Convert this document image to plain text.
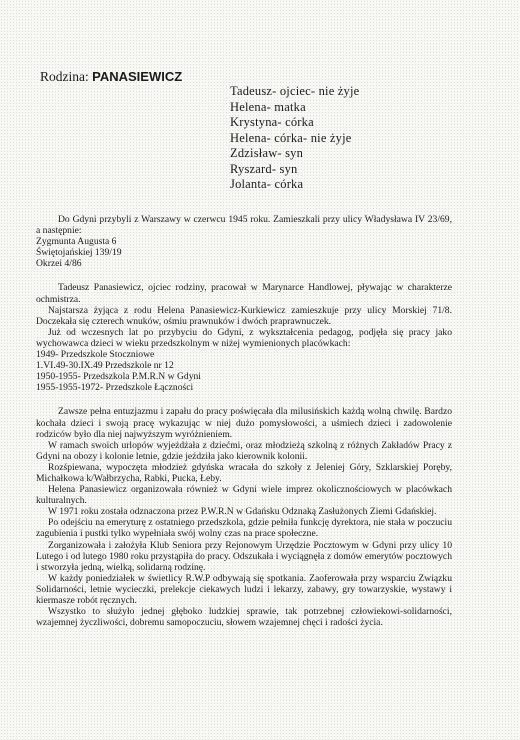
Rodzina: PANASIEWICZ
Tadeusz- ojciec- nie żyje
Helena- matka
Krystyna- córka
Helena- córka- nie żyje
Zdzisław- syn
Ryszard- syn
Jolanta- córka

Do Gdyni przybyli z Warszawy w czerwcu 1945 roku. Zamieszkali przy ulicy Władysława IV 23/69, a następnie:

Zygmunta Augusta 6

Świętojańskiej 139/19

Okrzei 4/86

Tadeusz Panasiewicz, ojciec rodziny, pracował w Marynarce Handlowej, pływając w charakterze ochmistrza.

Najstarsza żyjąca z rodu Helena Panasiewicz-Kurkiewicz zamieszkuje przy ulicy Morskiej 71/8. Doczekała się czterech wnuków, ośmiu prawnuków i dwóch praprawnuczek.

Już od wczesnych lat po przybyciu do Gdyni, z wykształcenia pedagog, podjęła się pracy jako wychowawca dzieci w wieku przedszkolnym w niżej wymienionych placówkach:

1949- Przedszkole Stoczniowe

1.VI.49-30.IX.49 Przedszkole nr 12

1950-1955- Przedszkola P.M.R.N w Gdyni

1955-1955-1972- Przedszkole Łączności

Zawsze pełna entuzjazmu i zapału do pracy poświęcała dla milusińskich każdą wolną chwilę. Bardzo kochała dzieci i swoją pracę wykazując w niej dużo pomysłowości, a uśmiech dzieci i zadowolenie rodziców było dla niej najwyższym wyróżnieniem.

W ramach swoich urlopów wyjeżdżała z dziećmi, oraz młodzieżą szkolną z różnych Zakładów Pracy z Gdyni na obozy i kolonie letnie, gdzie jeździła jako kierownik kolonii.

Rozśpiewana, wypoczęta młodzież gdyńska wracała do szkoły z Jeleniej Góry, Szklarskiej Poręby, Michałkowa k/Wałbrzycha, Rabki, Pucka, Łeby.

Helena Panasiewicz organizowała również w Gdyni wiele imprez okolicznościowych w placówkach kulturalnych.

W 1971 roku została odznaczona przez P.W.R.N w Gdańsku Odznaką Zasłużonych Ziemi Gdańskiej.

Po odejściu na emeryturę z ostatniego przedszkola, gdzie pełniła funkcję dyrektora, nie stała w poczuciu zagubienia i pustki tylko wypełniała swój wolny czas na prace społeczne.

Zorganizowała i założyła Klub Seniora przy Rejonowym Urzędzie Pocztowym w Gdyni przy ulicy 10 Lutego i od lutego 1980 roku przystąpiła do pracy. Odszukała i wyciągnęła z domów emerytów pocztowych i stworzyła jedną, wielką, solidarną rodzinę.

W każdy poniedziałek w świetlicy R.W.P odbywają się spotkania. Zaoferowała przy wsparciu Związku Solidarności, letnie wycieczki, prelekcje ciekawych ludzi i lekarzy, zabawy, gry towarzyskie, wystawy i kiermasze robót ręcznych.

Wszystko to służyło jednej głęboko ludzkiej sprawie, tak potrzebnej człowiekowi-solidarności, wzajemnej życzliwości, dobremu samopoczuciu, słowem wzajemnej chęci i radości życia.
